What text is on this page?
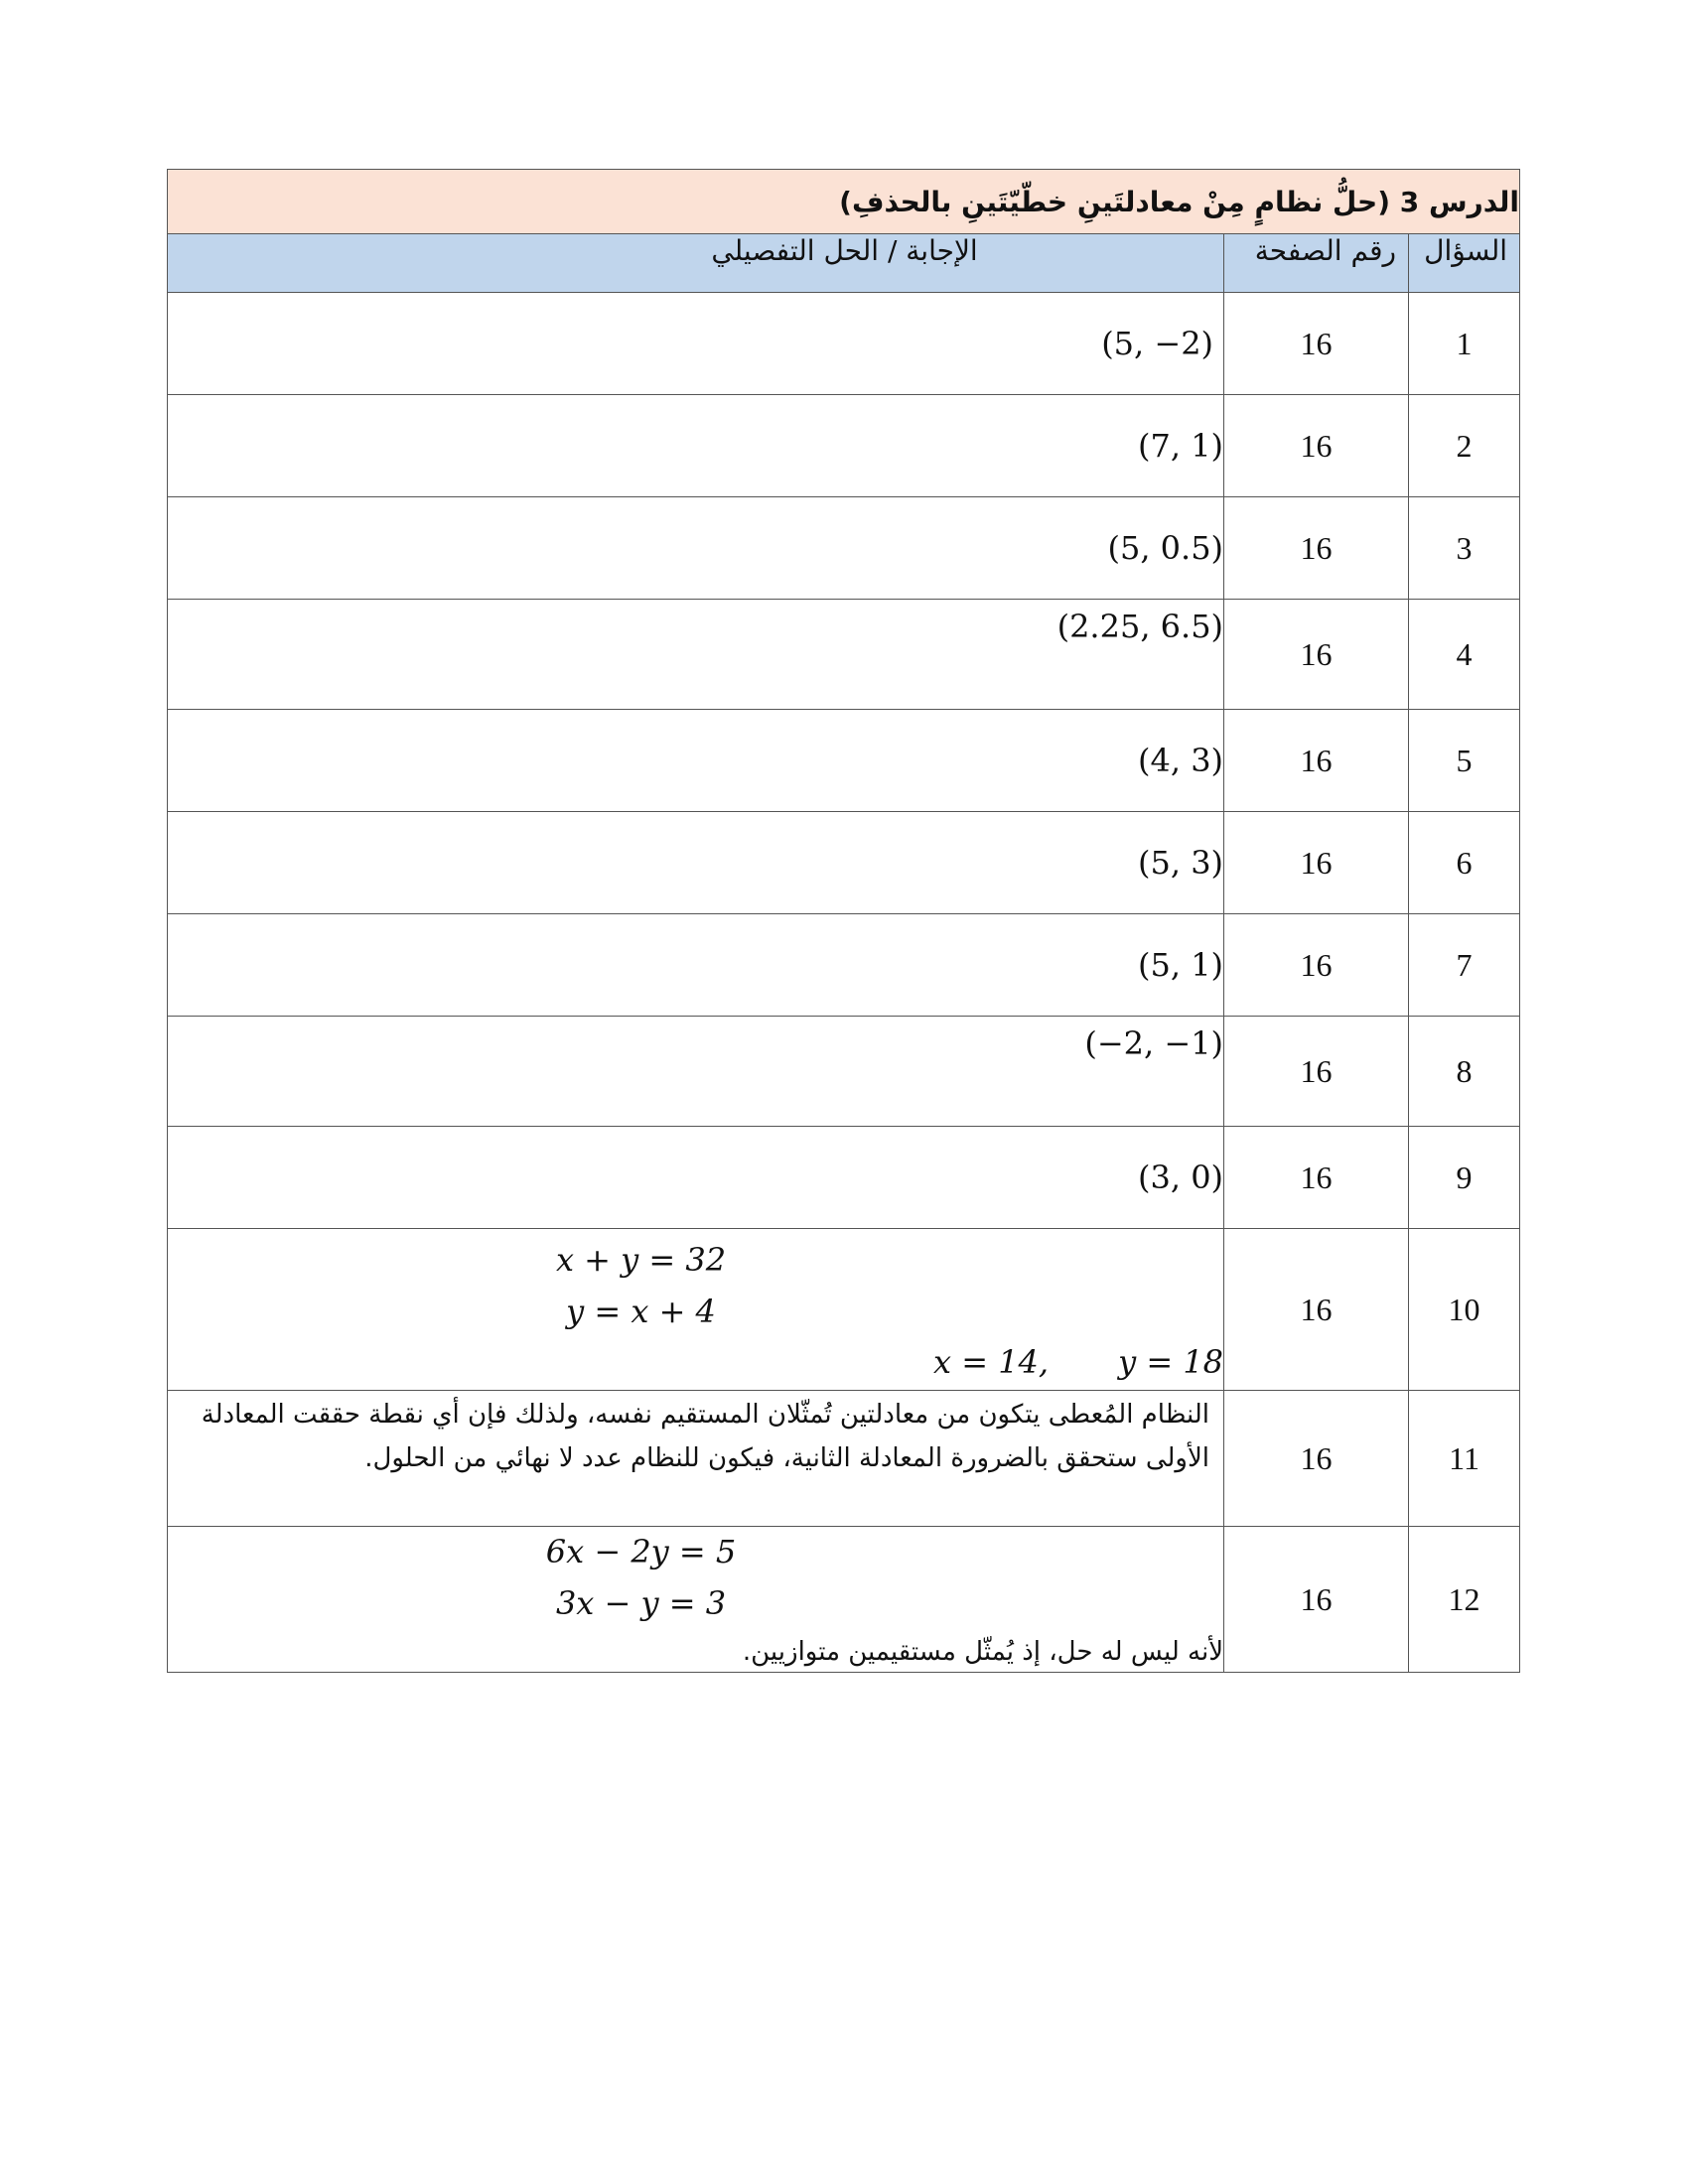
الدرس 3 (حلُّ نظامٍ مِنْ معادلتَينِ خطّيّتَينِ بالحذفِ)		
السؤال	رقم الصفحة	الإجابة / الحل التفصيلي
1	16	(5, −2)
2	16	(7, 1)
3	16	(5, 0.5)
4	16	(2.25, 6.5)
5	16	(4, 3)
6	16	(5, 3)
7	16	(5, 1)
8	16	(−2, −1)
9	16	(3, 0)
10	16	x + y = 32
y = x + 4
x = 14, y = 18

11	16	النظام المُعطى يتكون من معادلتين تُمثّلان المستقيم نفسه، ولذلك فإن أي نقطة حققت المعادلة الأولى ستحقق بالضرورة المعادلة الثانية، فيكون للنظام عدد لا نهائي من الحلول.

12	16	6x − 2y = 5
3x − y = 3
لأنه ليس له حل، إذ يُمثّل مستقيمين متوازيين.
